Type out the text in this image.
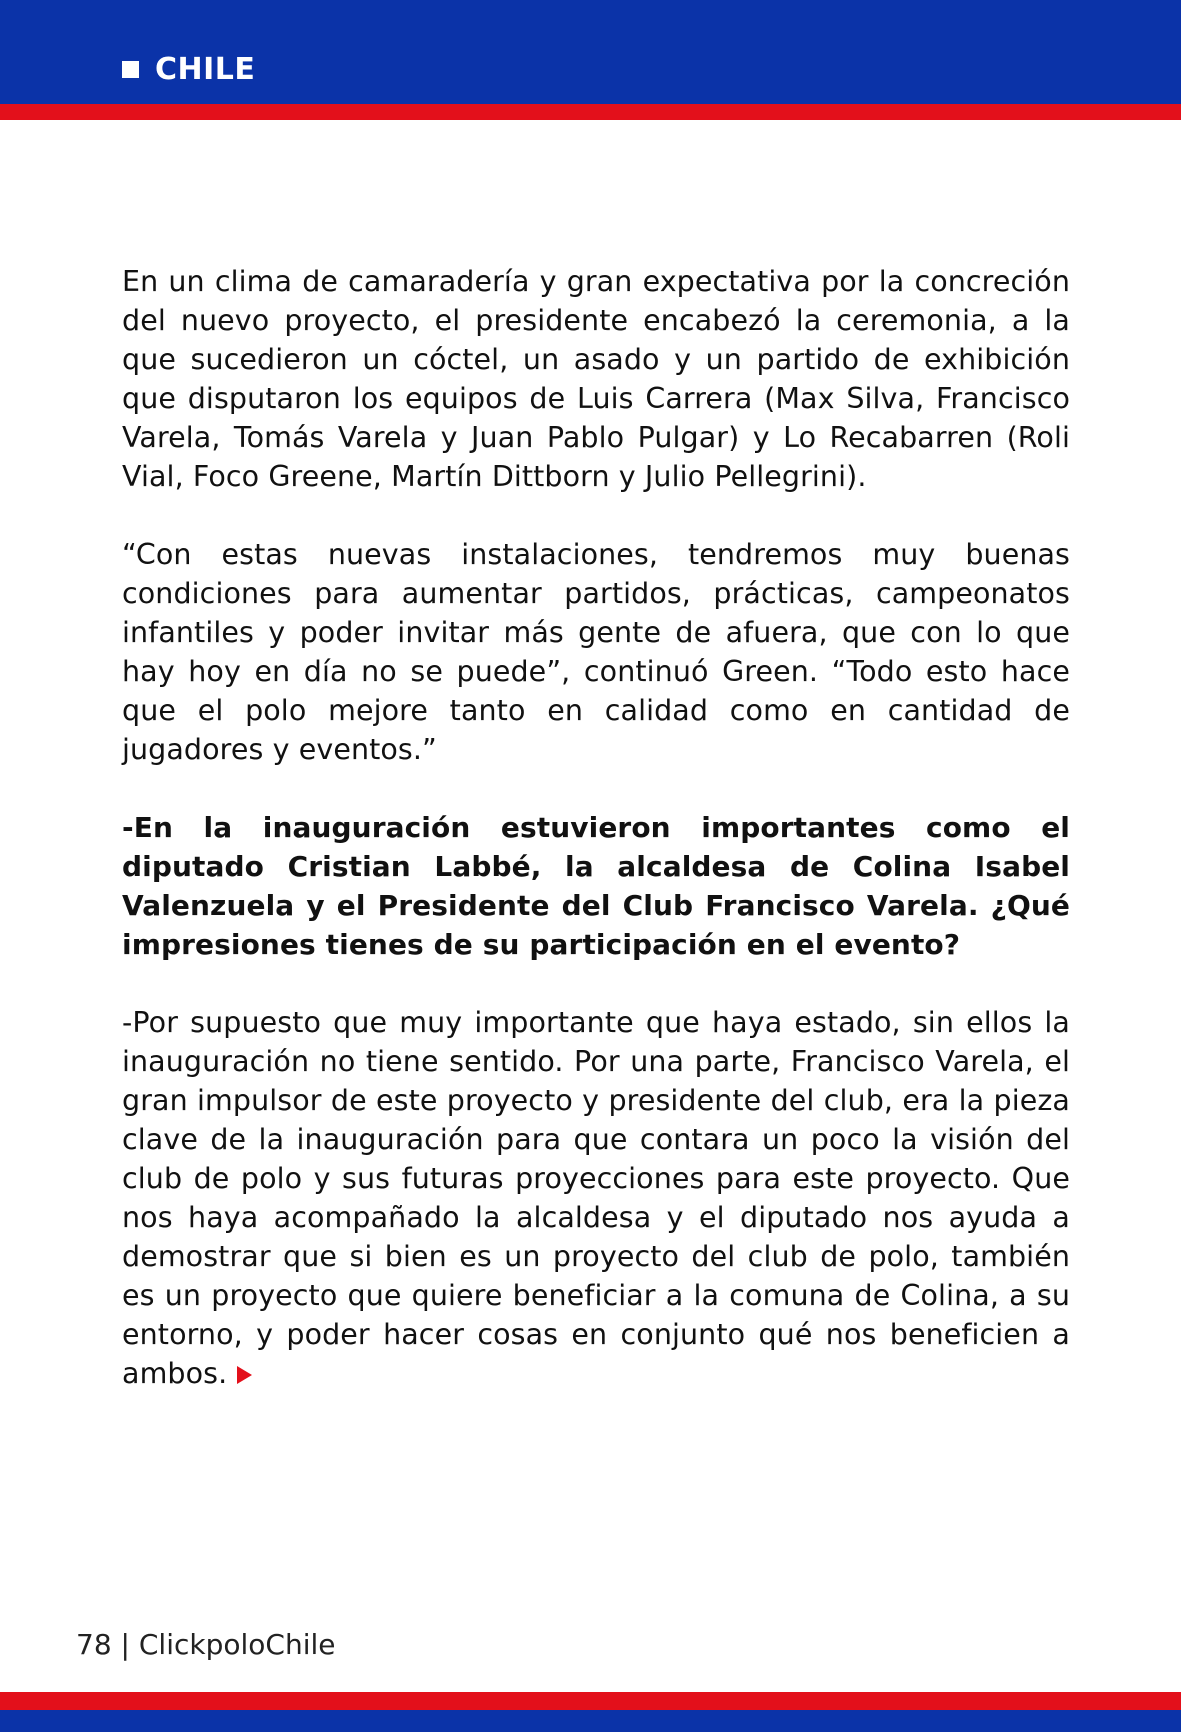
CHILE

En un clima de camaradería y gran expectativa por la concreción del nuevo proyecto, el presidente encabezó la ceremonia, a la que sucedieron un cóctel, un asado y un partido de exhibición que disputaron los equipos de Luis Carrera (Max Silva, Francisco Varela, Tomás Varela y Juan Pablo Pulgar) y Lo Recabarren (Roli Vial, Foco Greene, Martín Dittborn y Julio Pellegrini).

“Con estas nuevas instalaciones, tendremos muy buenas condiciones para aumentar partidos, prácticas, campeonatos infantiles y poder invitar más gente de afuera, que con lo que hay hoy en día no se puede”, continuó Green. “Todo esto hace que el polo mejore tanto en calidad como en cantidad de jugadores y eventos.”

-En la inauguración estuvieron importantes como el diputado Cristian Labbé, la alcaldesa de Colina Isabel Valenzuela y el Presidente del Club Francisco Varela. ¿Qué impresiones tienes de su participación en el evento?

-Por supuesto que muy importante que haya estado, sin ellos la inauguración no tiene sentido. Por una parte, Francisco Varela, el gran impulsor de este proyecto y presidente del club, era la pieza clave de la inauguración para que contara un poco la visión del club de polo y sus futuras proyecciones para este proyecto. Que nos haya acompañado la alcaldesa y el diputado nos ayuda a demostrar que si bien es un proyecto del club de polo, también es un proyecto que quiere beneficiar a la comuna de Colina, a su entorno, y poder hacer cosas en conjunto qué nos beneficien a ambos.

78 | ClickpoloChile
